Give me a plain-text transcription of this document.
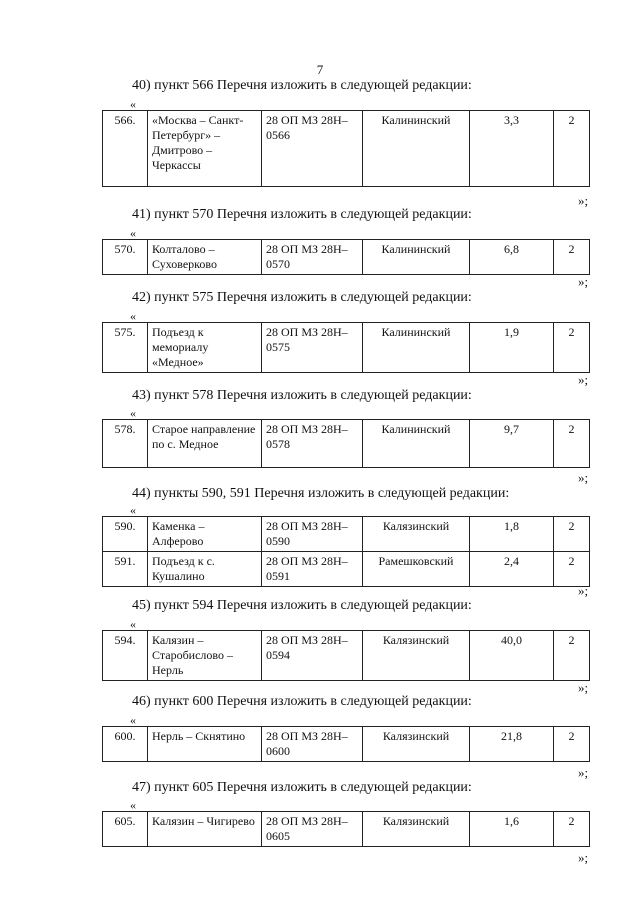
7
40) пункт 566 Перечня изложить в следующей редакции:
«
566.	«Москва – Санкт-Петербург» – Дмитрово – Черкассы	28 ОП МЗ 28Н–0566	Калининский	3,3	2
»;
41) пункт 570 Перечня изложить в следующей редакции:
«
570.	Колталово – Суховерково	28 ОП МЗ 28Н–0570	Калининский	6,8	2
»;
42) пункт 575 Перечня изложить в следующей редакции:
«
575.	Подъезд к мемориалу «Медное»	28 ОП МЗ 28Н–0575	Калининский	1,9	2
»;
43) пункт 578 Перечня изложить в следующей редакции:
«
578.	Старое направление по с. Медное	28 ОП МЗ 28Н–0578	Калининский	9,7	2
»;
44) пункты 590, 591 Перечня изложить в следующей редакции:
«
590.	Каменка – Алферово	28 ОП МЗ 28Н–0590	Калязинский	1,8	2
591.	Подъезд к с. Кушалино	28 ОП МЗ 28Н–0591	Рамешковский	2,4	2
»;
45) пункт 594 Перечня изложить в следующей редакции:
«
594.	Калязин – Старобислово – Нерль	28 ОП МЗ 28Н–0594	Калязинский	40,0	2
»;
46) пункт 600 Перечня изложить в следующей редакции:
«
600.	Нерль – Скнятино	28 ОП МЗ 28Н–0600	Калязинский	21,8	2
»;
47) пункт 605 Перечня изложить в следующей редакции:
«
605.	Калязин – Чигирево	28 ОП МЗ 28Н–0605	Калязинский	1,6	2
»;
